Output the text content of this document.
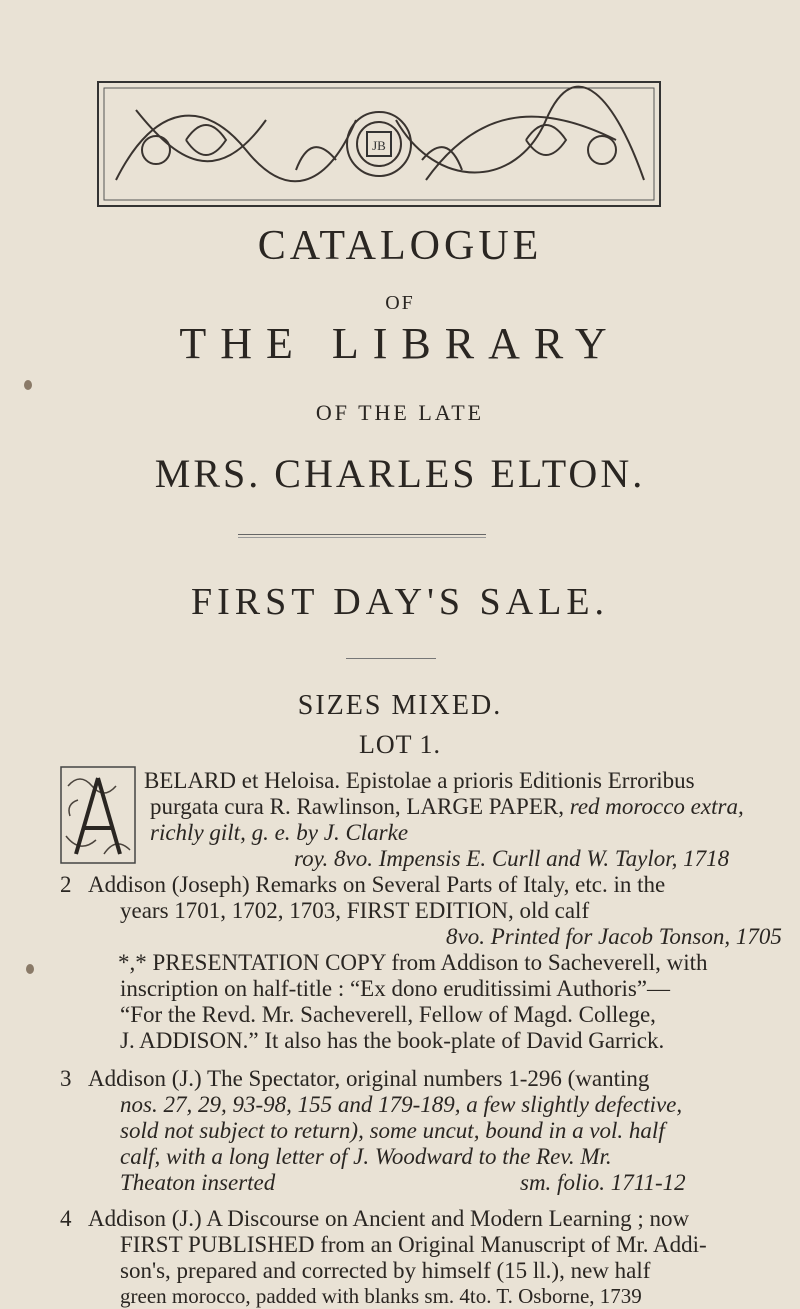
JB
CATALOGUE
OF
THE LIBRARY
OF THE LATE
MRS. CHARLES ELTON.
FIRST DAY'S SALE.
SIZES MIXED.
LOT 1.

BELARD et Heloisa. Epistolae a prioris Editionis Erroribus

purgata cura R. Rawlinson, LARGE PAPER, red morocco extra,

richly gilt, g. e. by J. Clarke

roy. 8vo. Impensis E. Curll and W. Taylor, 1718

2 Addison (Joseph) Remarks on Several Parts of Italy, etc. in the

years 1701, 1702, 1703, FIRST EDITION, old calf

8vo. Printed for Jacob Tonson, 1705

*,* PRESENTATION COPY from Addison to Sacheverell, with

inscription on half-title : “Ex dono eruditissimi Authoris”—

“For the Revd. Mr. Sacheverell, Fellow of Magd. College,

J. ADDISON.” It also has the book-plate of David Garrick.

3 Addison (J.) The Spectator, original numbers 1-296 (wanting

nos. 27, 29, 93-98, 155 and 179-189, a few slightly defective,

sold not subject to return), some uncut, bound in a vol. half

calf, with a long letter of J. Woodward to the Rev. Mr.

Theaton inserted	sm. folio. 1711-12

4 Addison (J.) A Discourse on Ancient and Modern Learning ; now

FIRST PUBLISHED from an Original Manuscript of Mr. Addi-

son's, prepared and corrected by himself (15 ll.), new half

green morocco, padded with blanks sm. 4to. T. Osborne, 1739
